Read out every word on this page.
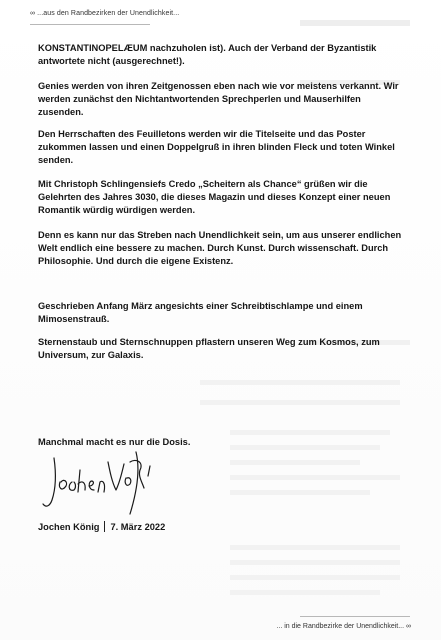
∞ ...aus den Randbezirken der Unendlichkeit...
KONSTANTINOPELÆUM nachzuholen ist). Auch der Verband der Byzantistik antwortete nicht (ausgerechnet!).
Genies werden von ihren Zeitgenossen eben nach wie vor meistens verkannt. Wir werden zunächst den Nichtantwortenden Sprechperlen und Mauserhilfen zusenden.
Den Herrschaften des Feuilletons werden wir die Titelseite und das Poster zukommen lassen und einen Doppelgruß in ihren blinden Fleck und toten Winkel senden.
Mit Christoph Schlingensiefs Credo „Scheitern als Chance“ grüßen wir die Gelehrten des Jahres 3030, die dieses Magazin und dieses Konzept einer neuen Romantik würdig würdigen werden.
Denn es kann nur das Streben nach Unendlichkeit sein, um aus unserer endlichen Welt endlich eine bessere zu machen. Durch Kunst. Durch wissenschaft. Durch Philosophie. Und durch die eigene Existenz.
Geschrieben Anfang März angesichts einer Schreibtischlampe und einem Mimosenstrauß.
Sternenstaub und Sternschnuppen pflastern unseren Weg zum Kosmos, zum Universum, zur Galaxis.
Manchmal macht es nur die Dosis.
Jochen König 7. März 2022
... in die Randbezirke der Unendlichkeit... ∞
